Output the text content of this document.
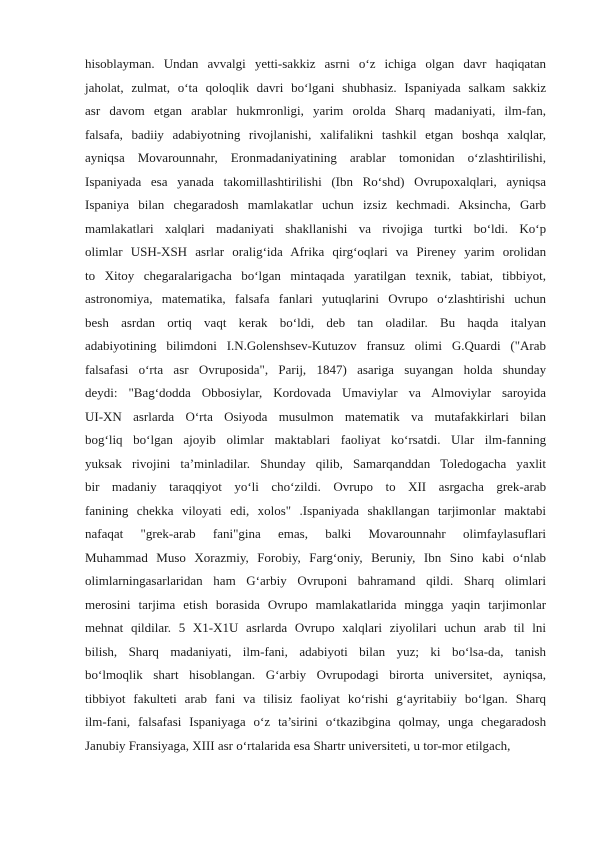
hisoblayman. Undan avvalgi yetti-sakkiz asrni o‘z ichiga olgan davr haqiqatan
jaholat, zulmat, o‘ta qoloqlik davri bo‘lgani shubhasiz. Ispaniyada salkam sakkiz
asr davom etgan arablar hukmronligi, yarim orolda Sharq madaniyati, ilm-fan,
falsafa, badiiy adabiyotning rivojlanishi, xalifalikni tashkil etgan boshqa xalqlar,
ayniqsa Movarounnahr, Eronmadaniyatining arablar tomonidan o‘zlashtirilishi,
Ispaniyada esa yanada takomillashtirilishi (Ibn Ro‘shd) Ovrupoxalqlari, ayniqsa
Ispaniya bilan chegaradosh mamlakatlar uchun izsiz kechmadi. Aksincha, Garb
mamlakatlari xalqlari madaniyati shakllanishi va rivojiga turtki bo‘ldi. Ko‘p
olimlar USH-XSH asrlar oralig‘ida Afrika qirg‘oqlari va Pireney yarim orolidan
to Xitoy chegaralarigacha bo‘lgan mintaqada yaratilgan texnik, tabiat, tibbiyot,
astronomiya, matematika, falsafa fanlari yutuqlarini Ovrupo o‘zlashtirishi uchun
besh asrdan ortiq vaqt kerak bo‘ldi, deb tan oladilar. Bu haqda italyan
adabiyotining bilimdoni I.N.Golenshsev-Kutuzov fransuz olimi G.Quardi ("Arab
falsafasi o‘rta asr Ovruposida", Parij, 1847) asariga suyangan holda shunday
deydi: "Bag‘dodda Obbosiylar, Kordovada Umaviylar va Almoviylar saroyida
UI-XN asrlarda O‘rta Osiyoda musulmon matematik va mutafakkirlari bilan
bog‘liq bo‘lgan ajoyib olimlar maktablari faoliyat ko‘rsatdi. Ular ilm-fanning
yuksak rivojini ta’minladilar. Shunday qilib, Samarqanddan Toledogacha yaxlit
bir madaniy taraqqiyot yo‘li cho‘zildi. Ovrupo to XII asrgacha grek-arab
fanining chekka viloyati edi, xolos" .Ispaniyada shakllangan tarjimonlar maktabi
nafaqat "grek-arab fani"gina emas, balki Movarounnahr olimfaylasuflari
Muhammad Muso Xorazmiy, Forobiy, Farg‘oniy, Beruniy, Ibn Sino kabi o‘nlab
olimlarningasarlaridan ham G‘arbiy Ovruponi bahramand qildi. Sharq olimlari
merosini tarjima etish borasida Ovrupo mamlakatlarida mingga yaqin tarjimonlar
mehnat qildilar. 5 X1-X1U asrlarda Ovrupo xalqlari ziyolilari uchun arab til lni
bilish, Sharq madaniyati, ilm-fani, adabiyoti bilan yuz; ki bo‘lsa-da, tanish
bo‘lmoqlik shart hisoblangan. G‘arbiy Ovrupodagi birorta universitet, ayniqsa,
tibbiyot fakulteti arab fani va tilisiz faoliyat ko‘rishi g‘ayritabiiy bo‘lgan. Sharq
ilm-fani, falsafasi Ispaniyaga o‘z ta’sirini o‘tkazibgina qolmay, unga chegaradosh
Janubiy Fransiyaga, XIII asr o‘rtalarida esa Shartr universiteti, u tor-mor etilgach,
